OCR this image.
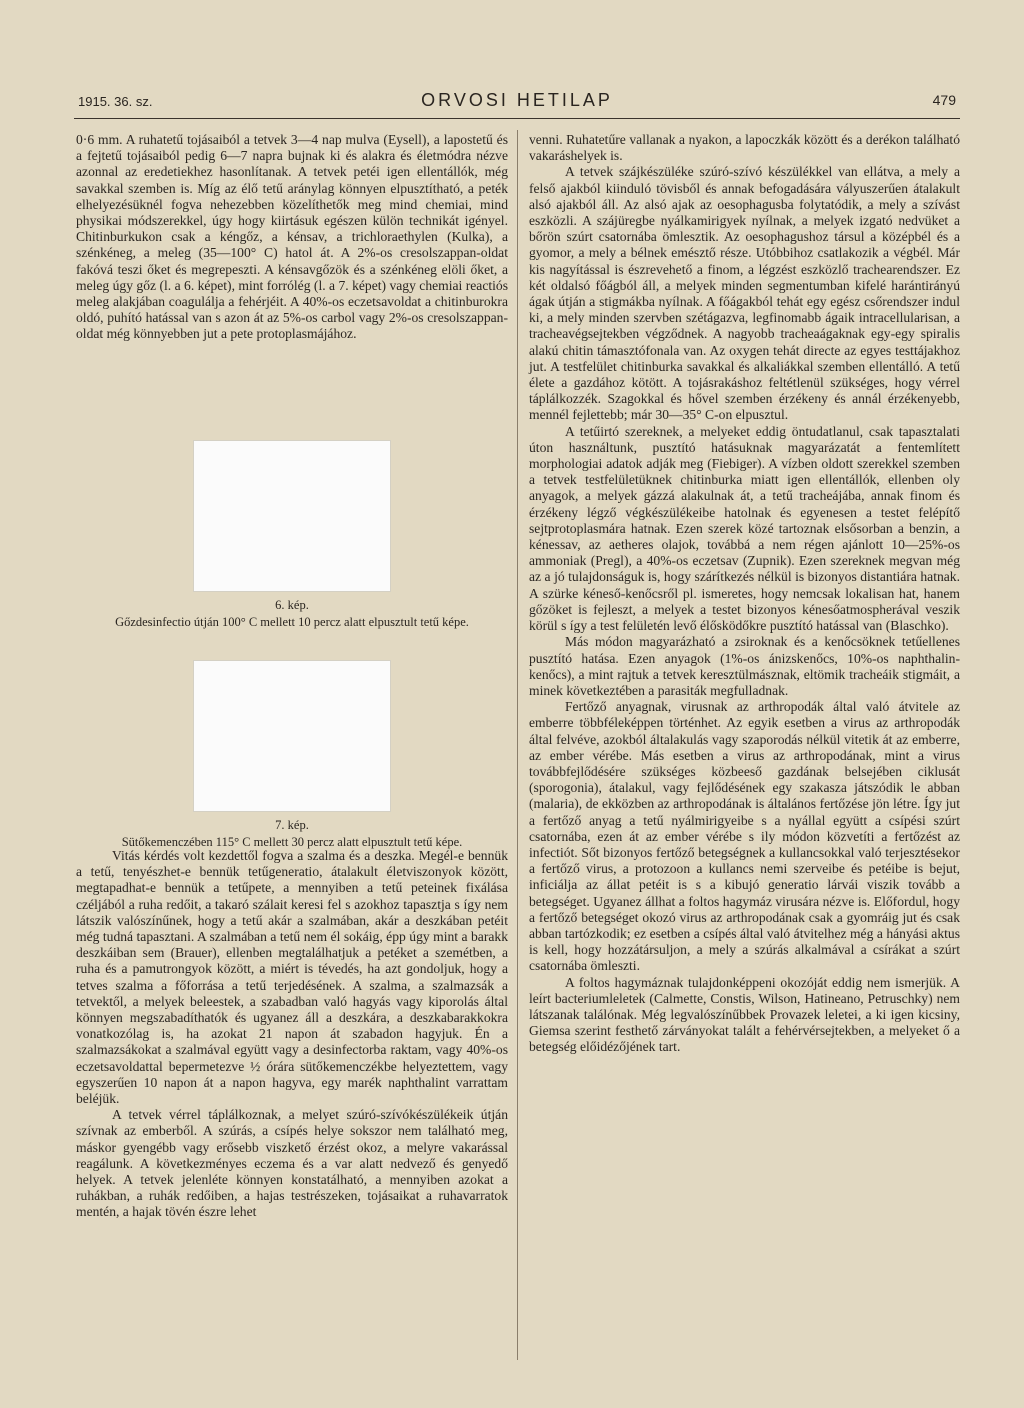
1915. 36. sz.	ORVOSI HETILAP	479

0·6 mm. A ruhatetű tojásaiból a tetvek 3—4 nap mulva (Eysell), a lapostetű és a fejtetű tojásaiból pedig 6—7 napra bujnak ki és alakra és életmódra nézve azonnal az eredetiekhez hasonlítanak. A tetvek petéi igen ellentállók, még savakkal szemben is. Míg az élő tetű aránylag könnyen elpusztítható, a peték elhelyezésüknél fogva nehezebben közelíthetők meg mind chemiai, mind physikai módszerekkel, úgy hogy kiirtásuk egészen külön technikát igényel. Chitinburkukon csak a kéngőz, a kénsav, a trichloraethylen (Kulka), a szénkéneg, a meleg (35—100° C) hatol át. A 2%-os cresolszappan-oldat fakóvá teszi őket és megrepeszti. A kénsavgőzök és a szénkéneg elöli őket, a meleg úgy gőz (l. a 6. képet), mint forrólég (l. a 7. képet) vagy chemiai reactiós meleg alakjában coagulálja a fehérjéit. A 40%-os eczetsavoldat a chitinburokra oldó, puhító hatással van s azon át az 5%-os carbol vagy 2%-os cresolszappan-oldat még könnyebben jut a pete protoplasmájához.

6. kép.
Gőzdesinfectio útján 100° C mellett 10 percz alatt elpusztult tetű képe.
7. kép.
Sütőkemenczében 115° C mellett 30 percz alatt elpusztult tetű képe.

Vitás kérdés volt kezdettől fogva a szalma és a deszka. Megél-e bennük a tetű, tenyészhet-e bennük tetűgeneratio, átalakult életviszonyok között, megtapadhat-e bennük a tetűpete, a mennyiben a tetű peteinek fixálása czéljából a ruha redőit, a takaró szálait keresi fel s azokhoz tapasztja s így nem látszik valószínűnek, hogy a tetű akár a szalmában, akár a deszkában petéit még tudná tapasztani. A szalmában a tetű nem él sokáig, épp úgy mint a barakk deszkáiban sem (Brauer), ellenben megtalálhatjuk a petéket a szemétben, a ruha és a pamutrongyok között, a miért is tévedés, ha azt gondoljuk, hogy a tetves szalma a főforrása a tetű terjedésének. A szalma, a szalmazsák a tetvektől, a melyek beleestek, a szabadban való hagyás vagy kiporolás által könnyen megszabadíthatók és ugyanez áll a deszkára, a deszkabarakkokra vonatkozólag is, ha azokat 21 napon át szabadon hagyjuk. Én a szalmazsákokat a szalmával együtt vagy a desinfectorba raktam, vagy 40%-os eczetsavoldattal bepermetezve ½ órára sütőkemenczékbe helyeztettem, vagy egyszerűen 10 napon át a napon hagyva, egy marék naphthalint varrattam beléjük.

A tetvek vérrel táplálkoznak, a melyet szúró-szívókészülékeik útján szívnak az emberből. A szúrás, a csípés helye sokszor nem található meg, máskor gyengébb vagy erősebb viszkető érzést okoz, a melyre vakarással reagálunk. A következményes eczema és a var alatt nedvező és genyedő helyek. A tetvek jelenléte könnyen konstatálható, a mennyiben azokat a ruhákban, a ruhák redőiben, a hajas testrészeken, tojásaikat a ruhavarratok mentén, a hajak tövén észre lehet

venni. Ruhatetűre vallanak a nyakon, a lapoczkák között és a derékon található vakaráshelyek is.

A tetvek szájkészüléke szúró-szívó készülékkel van ellátva, a mely a felső ajakból kiinduló tövisből és annak befogadására vályuszerűen átalakult alsó ajakból áll. Az alsó ajak az oesophagusba folytatódik, a mely a szívást eszközli. A szájüregbe nyálkamirigyek nyílnak, a melyek izgató nedvüket a bőrön szúrt csatornába ömlesztik. Az oesophagushoz társul a középbél és a gyomor, a mely a bélnek emésztő része. Utóbbihoz csatlakozik a végbél. Már kis nagyítással is észrevehető a finom, a légzést eszközlő trachearendszer. Ez két oldalsó főágból áll, a melyek minden segmentumban kifelé harántirányú ágak útján a stigmákba nyílnak. A főágakból tehát egy egész csőrendszer indul ki, a mely minden szervben szétágazva, legfinomabb ágaik intracellularisan, a tracheavégsejtekben végződnek. A nagyobb tracheaágaknak egy-egy spiralis alakú chitin támasztófonala van. Az oxygen tehát directe az egyes testtájakhoz jut. A testfelület chitinburka savakkal és alkaliákkal szemben ellentálló. A tetű élete a gazdához kötött. A tojásrakáshoz feltétlenül szükséges, hogy vérrel táplálkozzék. Szagokkal és hővel szemben érzékeny és annál érzékenyebb, mennél fejlettebb; már 30—35° C-on elpusztul.

A tetűirtó szereknek, a melyeket eddig öntudatlanul, csak tapasztalati úton használtunk, pusztító hatásuknak magyarázatát a fentemlített morphologiai adatok adják meg (Fiebiger). A vízben oldott szerekkel szemben a tetvek testfelületüknek chitinburka miatt igen ellentállók, ellenben oly anyagok, a melyek gázzá alakulnak át, a tetű tracheájába, annak finom és érzékeny légző végkészülékeibe hatolnak és egyenesen a testet felépítő sejtprotoplasmára hatnak. Ezen szerek közé tartoznak elsősorban a benzin, a kénessav, az aetheres olajok, továbbá a nem régen ajánlott 10—25%-os ammoniak (Pregl), a 40%-os eczetsav (Zupnik). Ezen szereknek megvan még az a jó tulajdonságuk is, hogy szárítkezés nélkül is bizonyos distantiára hatnak. A szürke kéneső-kenőcsről pl. ismeretes, hogy nemcsak lokalisan hat, hanem gőzöket is fejleszt, a melyek a testet bizonyos kénesőatmospherával veszik körül s így a test felületén levő élősködőkre pusztító hatással van (Blaschko).

Más módon magyarázható a zsiroknak és a kenőcsöknek tetűellenes pusztító hatása. Ezen anyagok (1%-os ánizskenőcs, 10%-os naphthalin-kenőcs), a mint rajtuk a tetvek keresztülmásznak, eltömik tracheáik stigmáit, a minek következtében a parasiták megfulladnak.

Fertőző anyagnak, virusnak az arthropodák által való átvitele az emberre többféleképpen történhet. Az egyik esetben a virus az arthropodák által felvéve, azokból általakulás vagy szaporodás nélkül vitetik át az emberre, az ember vérébe. Más esetben a virus az arthropodának, mint a virus továbbfejlődésére szükséges közbeeső gazdának belsejében ciklusát (sporogonia), átalakul, vagy fejlődésének egy szakasza játszódik le abban (malaria), de ekközben az arthropodának is általános fertőzése jön létre. Így jut a fertőző anyag a tetű nyálmirigyeibe s a nyállal együtt a csípési szúrt csatornába, ezen át az ember vérébe s ily módon közvetíti a fertőzést az infectiót. Sőt bizonyos fertőző betegségnek a kullancsokkal való terjesztésekor a fertőző virus, a protozoon a kullancs nemi szerveibe és petéibe is bejut, inficiálja az állat petéit is s a kibujó generatio lárvái viszik tovább a betegséget. Ugyanez állhat a foltos hagymáz virusára nézve is. Előfordul, hogy a fertőző betegséget okozó virus az arthropodának csak a gyomráig jut és csak abban tartózkodik; ez esetben a csípés által való átvitelhez még a hányási aktus is kell, hogy hozzátársuljon, a mely a szúrás alkalmával a csírákat a szúrt csatornába ömleszti.

A foltos hagymáznak tulajdonképpeni okozóját eddig nem ismerjük. A leírt bacteriumleletek (Calmette, Constis, Wilson, Hatineano, Petruschky) nem látszanak találónak. Még legvalószínűbbek Provazek leletei, a ki igen kicsiny, Giemsa szerint festhető zárványokat talált a fehérvérsejtekben, a melyeket ő a betegség előidézőjének tart.
